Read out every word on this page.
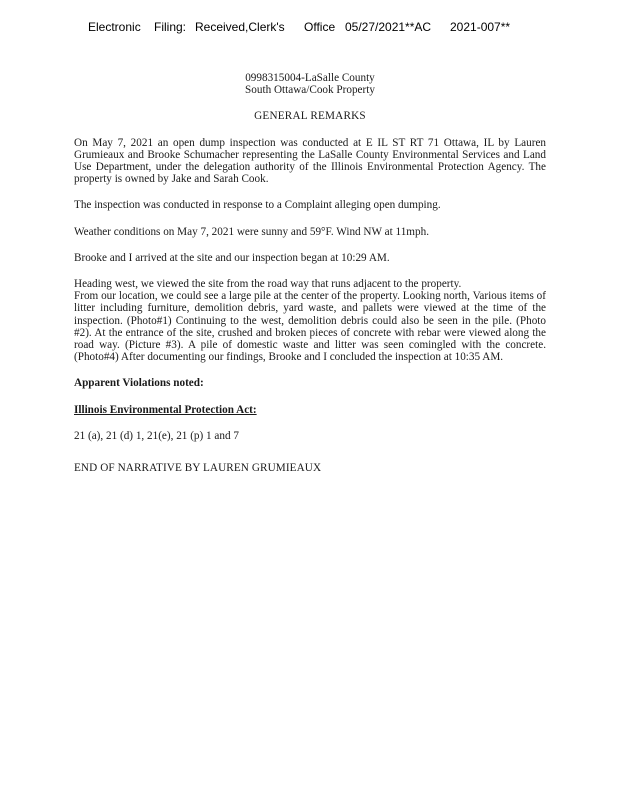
Electronic Filing: Received,Clerk's Office 05/27/2021**AC 2021-007**
0998315004-LaSalle County
South Ottawa/Cook Property
GENERAL REMARKS

On May 7, 2021 an open dump inspection was conducted at E IL ST RT 71 Ottawa, IL by Lauren Grumieaux and Brooke Schumacher representing the LaSalle County Environmental Services and Land Use Department, under the delegation authority of the Illinois Environmental Protection Agency. The property is owned by Jake and Sarah Cook.

The inspection was conducted in response to a Complaint alleging open dumping.

Weather conditions on May 7, 2021 were sunny and 59°F. Wind NW at 11mph.

Brooke and I arrived at the site and our inspection began at 10:29 AM.

Heading west, we viewed the site from the road way that runs adjacent to the property.

From our location, we could see a large pile at the center of the property. Looking north, Various items of litter including furniture, demolition debris, yard waste, and pallets were viewed at the time of the inspection. (Photo#1) Continuing to the west, demolition debris could also be seen in the pile. (Photo #2). At the entrance of the site, crushed and broken pieces of concrete with rebar were viewed along the road way. (Picture #3). A pile of domestic waste and litter was seen comingled with the concrete. (Photo#4) After documenting our findings, Brooke and I concluded the inspection at 10:35 AM.

Apparent Violations noted:

Illinois Environmental Protection Act:

21 (a), 21 (d) 1, 21(e), 21 (p) 1 and 7

END OF NARRATIVE BY LAUREN GRUMIEAUX
